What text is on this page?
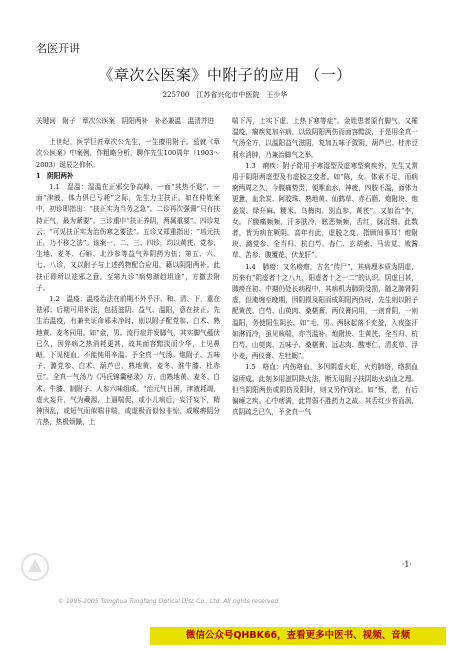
名医开讲
《章次公医案》中附子的应用 （一）
225700　江苏省兴化市中医院　王少华

关键词　附子　章次公医案　阴阳两补　补必兼温　温清并进

上世纪，医学巨匠章次公先生，一生擅用附子。兹就《章次公医案》中案例，作粗略分析，聊作先生100周年（1903～2003）诞辰之仰怀。

1　阴阳两补

1.1　湿温：湿温在正邪交争高峰，一面“其热不退”，一面“津液，体力俱已亏耗”之际，先生力主扶正。如在仲姓案中，初诊即指出：“扶正实为当务之急”。二诊再次强调“只有扶持正气，最为紧要”。三诊重申“扶正养阴，两属重要”。四诊复云：“可见扶正实为治伤寒之要法”。五诊又郑重指出：“培元扶正，乃不移之法”。该案一、二、三、四诊，均以黄芪、党参、生地、麦冬、石斛、北沙参等益气养阴药为伍；第五、六、七、八诊，又以附子与上述药物配合应用，藉以阴阳两补。此扶正即所以祛邪之意。至第九诊“病势渐趋坦途”，方撤去附子。

1.2　温疫：温疫治法在前期不外乎汗、和、清、下，重在祛邪；后期可用补法，包括滋阴、益气、温阳，意在扶正。先生治温疫，有兼夹证命邪未净时，则以附子配党参、白术、熟地黄、麦冬同用。如“金，男。流行症并发脚气，其实脚气蕴伏已久，因猝病之热消耗更甚，故其面容黯淡而少华，上见鼻衄，下见便血，不能纯用辛温。予全真一气汤。炮附子、五味子、潞党参、白术、葫芦巴、熟地黄、麦冬、淮牛膝、杜赤豆”。全真一气汤乃《冯氏锦囊秘录》方，由熟地黄、麦冬、白术、牛膝、制附子、人参六味组成。“治元气日困，津液耗竭，虚火妄升，气为藏源，上逼喘促，或小儿病后，妄汗妄下，精神因乱，或短气而似喘非喘，或虚极而似惊非惊，或喉痹阴分亢热，热极烦躁，上

喘下泻，上实下虚，上热下寒等症”。金姓患者原有脚气，又罹温疫，痼疾复加卒病，以致阴阳两伤而面容黯淡，于是用全真一气汤全方，以温阳益气滋阴，复加五味子敛阴，葫芦巴、杜赤豆利水消肿，乃兼治脚气之举。

1.3　痢疾：附子除用于寒湿型及虚寒型痢疾外，先生又常用于阴阳两虚型及有虚脱之变者。如“陈，女。体素不足，而病痢两周之久，今腹痛势贵，便唯血水，神疲，四肢不温，面体力更惫，血余炭、阿胶珠、熟地黄、仙鹤草、赤石脂、炮附块、炮姜炭、绿升麻、粳米、乌梅肉、别直参、黄芪”。又如治“李，女。下腹痛频频，汗多肤冷，眩恶频频，舌红，脉沉细。此数者，皆为病在厥阴。高年有此，虚脱之变，指顾间事耳！炮附块、潞党参、全当归、杭白芍、杏仁、玄胡索、马齿苋、败酱草、苦参、腹覆花、伏龙肝”。

1.4　肺痨：又名痨瘵，古名“传尸”，其病理本质为阴虚，历来有“阴虚者十之八九，阳虚者十之一二”的认识。阴虚日甚，肺痨在初、中期仍处长病程中，其病机为肺阴受损，随之肺肾阴虚，但淹缠至晚期，因阴损及阳而成阴阳两伤时，先生则以附子配黄芪、白芍、山萸肉、桑椹膏、两仪膏同用，一则育阴，一则温阳，务使阳生阴长。如“毛，男。两脉起落不充盈，入夜盗汗如淋而冷，虽见咳喘，亦当温补。炮附块、生黄芪、全当归、杭白芍、山萸肉、五味子、桑椹膏、远志肉、酸枣仁、清炙草、浮小麦、两仪膏、左牡蛎”。

1.5　咯血：内伤咯血，多因阴虚火旺，火灼肺络，络损血溢所成。此刻多用滋阴降火法，断无用附子扶阴助火动血之理。但当阴阳两伤或阴伤及阳时，则又另作别论。如“蔡，老，有后偏瘫之疾。心中痞满，此胃弱不胜药力之故。其舌红少苔而润，真阴疏乏已久，予全真一气

·1·
© 1995-2005 Tsinghua Tongfang Optical Disc Co., Ltd. All rights reserved.
微信公众号QHBK66，查看更多中医书、视频、音频
